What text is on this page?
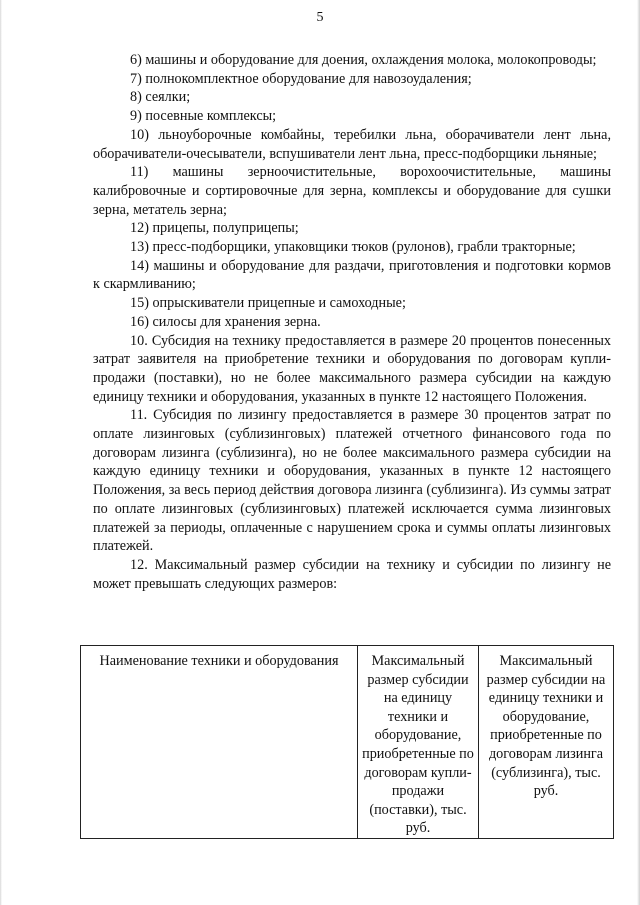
5

6) машины и оборудование для доения, охлаждения молока, молокопроводы;

7) полнокомплектное оборудование для навозоудаления;

8) сеялки;

9) посевные комплексы;

10) льноуборочные комбайны, теребилки льна, оборачиватели лент льна, оборачиватели-очесыватели, вспушиватели лент льна, пресс-подборщики льняные;

11) машины зерноочистительные, ворохоочистительные, машины калибровочные и сортировочные для зерна, комплексы и оборудование для сушки зерна, метатель зерна;

12) прицепы, полуприцепы;

13) пресс-подборщики, упаковщики тюков (рулонов), грабли тракторные;

14) машины и оборудование для раздачи, приготовления и подготовки кормов к скармливанию;

15) опрыскиватели прицепные и самоходные;

16) силосы для хранения зерна.

10. Субсидия на технику предоставляется в размере 20 процентов понесенных затрат заявителя на приобретение техники и оборудования по договорам купли-продажи (поставки), но не более максимального размера субсидии на каждую единицу техники и оборудования, указанных в пункте 12 настоящего Положения.

11. Субсидия по лизингу предоставляется в размере 30 процентов затрат по оплате лизинговых (сублизинговых) платежей отчетного финансового года по договорам лизинга (сублизинга), но не более максимального размера субсидии на каждую единицу техники и оборудования, указанных в пункте 12 настоящего Положения, за весь период действия договора лизинга (сублизинга). Из суммы затрат по оплате лизинговых (сублизинговых) платежей исключается сумма лизинговых платежей за периоды, оплаченные с нарушением срока и суммы оплаты лизинговых платежей.

12. Максимальный размер субсидии на технику и субсидии по лизингу не может превышать следующих размеров:

Наименование техники и оборудования	Максимальный размер субсидии на единицу техники и оборудование, приобретенные по договорам купли-продажи (поставки), тыс. руб.	Максимальный размер субсидии на единицу техники и оборудование, приобретенные по договорам лизинга (сублизинга), тыс. руб.
